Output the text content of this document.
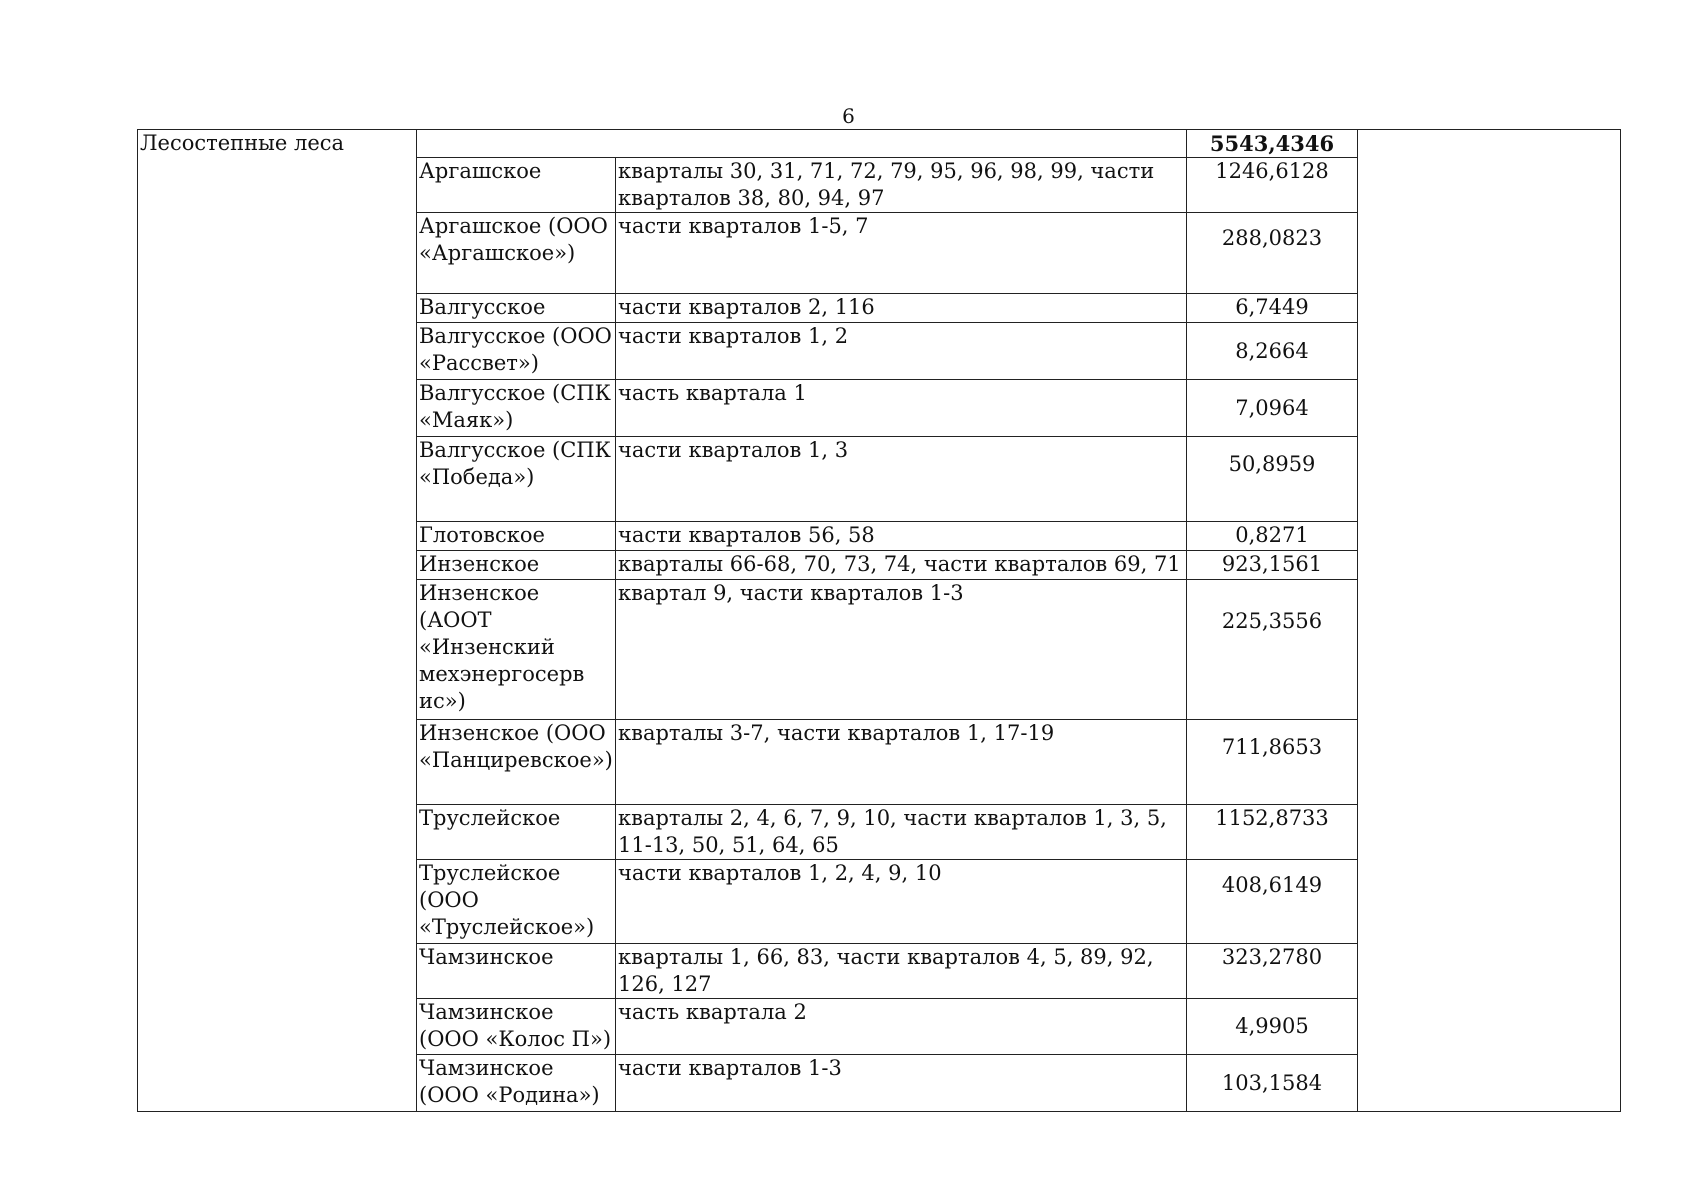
6
Лесостепные леса			5543,4346	
	Аргашское	кварталы 30, 31, 71, 72, 79, 95, 96, 98, 99, части кварталов 38, 80, 94, 97	1246,6128	
	Аргашское (ООО «Аргашское»)	части кварталов 1-5, 7	288,0823	
	Валгусское	части кварталов 2, 116	6,7449	
	Валгусское (ООО «Рассвет»)	части кварталов 1, 2	8,2664	
	Валгусское (СПК «Маяк»)	часть квартала 1	7,0964	
	Валгусское (СПК «Победа»)	части кварталов 1, 3	50,8959	
	Глотовское	части кварталов 56, 58	0,8271	
	Инзенское	кварталы 66-68, 70, 73, 74, части кварталов 69, 71	923,1561	
	Инзенское (АООТ «Инзенский мехэнергосерв ис»)	квартал 9, части кварталов 1-3	225,3556	
	Инзенское (ООО «Панциревское»)	кварталы 3-7, части кварталов 1, 17-19	711,8653	
	Труслейское	кварталы 2, 4, 6, 7, 9, 10, части кварталов 1, 3, 5, 11-13, 50, 51, 64, 65	1152,8733	
	Труслейское (ООО «Труслейское»)	части кварталов 1, 2, 4, 9, 10	408,6149	
	Чамзинское	кварталы 1, 66, 83, части кварталов 4, 5, 89, 92, 126, 127	323,2780	
	Чамзинское (ООО «Колос П»)	часть квартала 2	4,9905	
	Чамзинское (ООО «Родина»)	части кварталов 1-3	103,1584	
